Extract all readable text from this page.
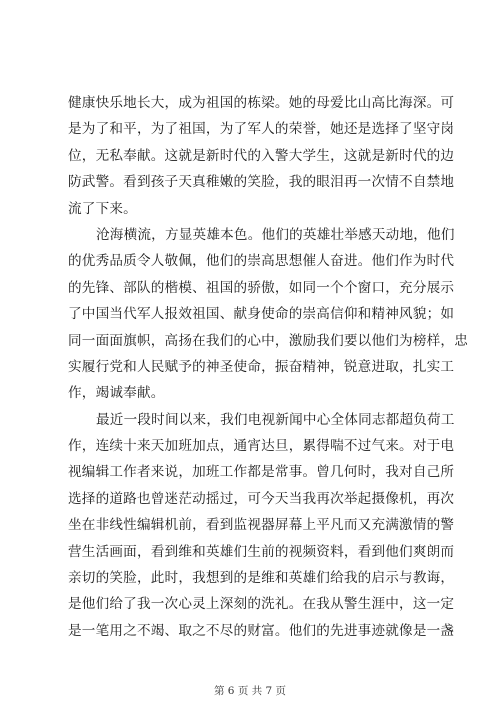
健康快乐地长大，成为祖国的栋梁。她的母爱比山高比海深。可
是为了和平，为了祖国，为了军人的荣誉，她还是选择了坚守岗
位，无私奉献。这就是新时代的入警大学生，这就是新时代的边
防武警。看到孩子天真稚嫩的笑脸，我的眼泪再一次情不自禁地
流了下来。
沧海横流，方显英雄本色。他们的英雄壮举感天动地，他们
的优秀品质令人敬佩，他们的崇高思想催人奋进。他们作为时代
的先锋、部队的楷模、祖国的骄傲，如同一个个窗口，充分展示
了中国当代军人报效祖国、献身使命的崇高信仰和精神风貌；如
同一面面旗帜，高扬在我们的心中，激励我们要以他们为榜样，忠
实履行党和人民赋予的神圣使命，振奋精神，锐意进取，扎实工
作，竭诚奉献。
最近一段时间以来，我们电视新闻中心全体同志都超负荷工
作，连续十来天加班加点，通宵达旦，累得喘不过气来。对于电
视编辑工作者来说，加班工作都是常事。曾几何时，我对自己所
选择的道路也曾迷茫动摇过，可今天当我再次举起摄像机，再次
坐在非线性编辑机前，看到监视器屏幕上平凡而又充满激情的警
营生活画面，看到维和英雄们生前的视频资料，看到他们爽朗而
亲切的笑脸，此时，我想到的是维和英雄们给我的启示与教诲，
是他们给了我一次心灵上深刻的洗礼。在我从警生涯中，这一定
是一笔用之不竭、取之不尽的财富。他们的先进事迹就像是一盏
第 6 页 共 7 页
